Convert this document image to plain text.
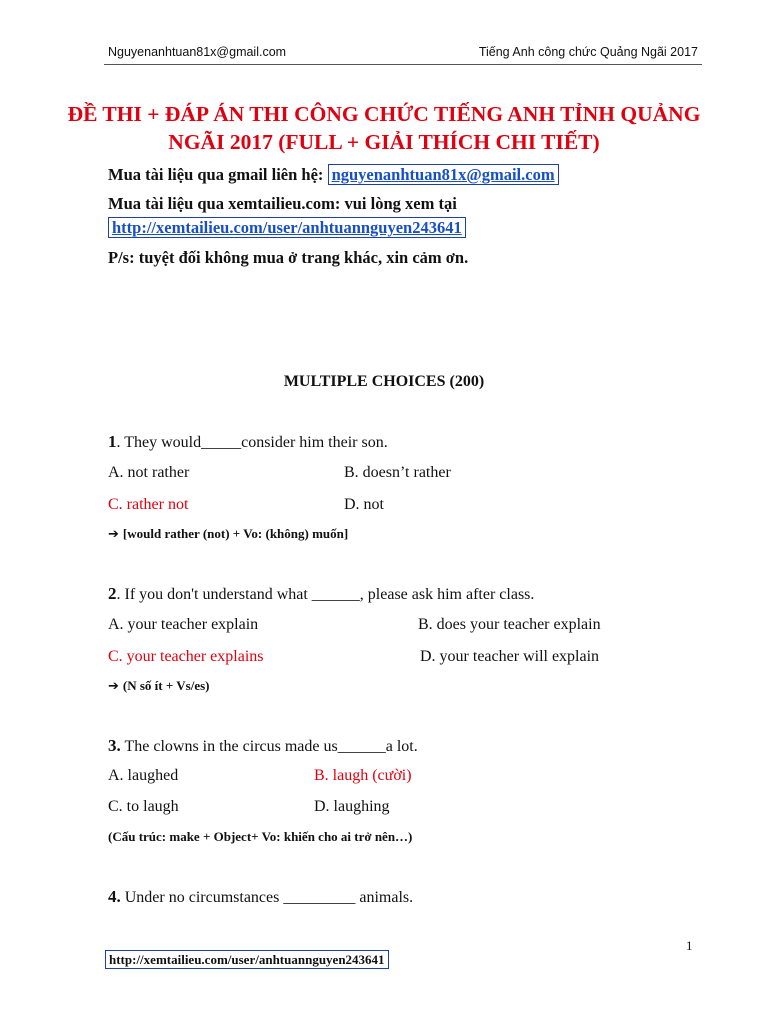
Nguyenanhtuan81x@gmail.com	Tiếng Anh công chức Quảng Ngãi 2017
ĐỀ THI + ĐÁP ÁN THI CÔNG CHỨC TIẾNG ANH TỈNH QUẢNG NGÃI 2017 (FULL + GIẢI THÍCH CHI TIẾT)
Mua tài liệu qua gmail liên hệ: nguyenanhtuan81x@gmail.com
Mua tài liệu qua xemtailieu.com: vui lòng xem tại
http://xemtailieu.com/user/anhtuannguyen243641
P/s: tuyệt đối không mua ở trang khác, xin cảm ơn.
MULTIPLE CHOICES (200)
1. They would_____consider him their son.
A. not rather	B. doesn’t rather
C. rather not	D. not
➔ [would rather (not) + Vo: (không) muốn]
2. If you don't understand what ______, please ask him after class.
A. your teacher explain	B. does your teacher explain
C. your teacher explains	D. your teacher will explain
➔ (N số ít + Vs/es)
3. The clowns in the circus made us______a lot.
A. laughed	B. laugh (cười)
C. to laugh	D. laughing
(Cấu trúc: make + Object+ Vo: khiến cho ai trở nên…)
4. Under no circumstances _________ animals.
1
http://xemtailieu.com/user/anhtuannguyen243641
